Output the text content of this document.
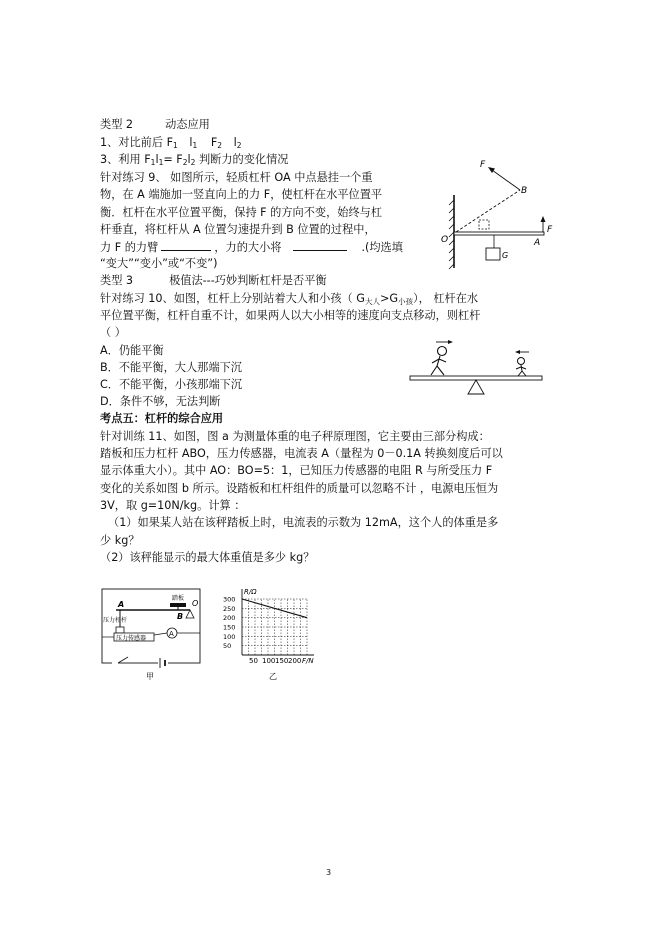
类型 2	动态应用
1、对比前后 $F_1$ $l_1$ $F_2$ $l_2$
3、利用 $F_1l_1= F_2l_2$ 判断力的变化情况
针对练习 9、 如图所示，轻质杠杆 OA 中点悬挂一个重
物，在 A 端施加一竖直向上的力 F，使杠杆在水平位置平
衡．杠杆在水平位置平衡，保持 F 的方向不变，始终与杠
杆垂直，将杠杆从 A 位置匀速提升到 B 位置的过程中，
力 F 的力臂	，力的大小将	.(均选填
“变大”“变小”或“不变”)
F
B
A
F
O
G
类型 3	极值法---巧妙判断杠杆是否平衡
针对练习 10、如图，杠杆上分别站着大人和小孩（ $G_{大人}>G_{小孩}$）， 杠杆在水
平位置平衡，杠杆自重不计，如果两人以大小相等的速度向支点移动，则杠杆
（ ）
A．仍能平衡
B．不能平衡，大人那端下沉
C．不能平衡，小孩那端下沉
D．条件不够，无法判断
考点五：杠杆的综合应用
针对训练 11、如图，图 a 为测量体重的电子秤原理图，它主要由三部分构成：
踏板和压力杠杆 ABO，压力传感器，电流表 A（量程为 0－0.1A 转换刻度后可以
显示体重大小）。其中 AO：BO=5：1，已知压力传感器的电阻 R 与所受压力 F
变化的关系如图 b 所示。设踏板和杠杆组件的质量可以忽略不计 ，电源电压恒为
3V，取 g=10N/kg。计算 ：
（1）如果某人站在该秤踏板上时，电流表的示数为 12mA，这个人的体重是多
少 kg？
（2）该秤能显示的最大体重值是多少 kg？
A
B
O
踏板
压力杠杆
压力传感器
A
甲
50 100 150 200
300
250
200
150
100
50
R/Ω
F/N
乙
3
